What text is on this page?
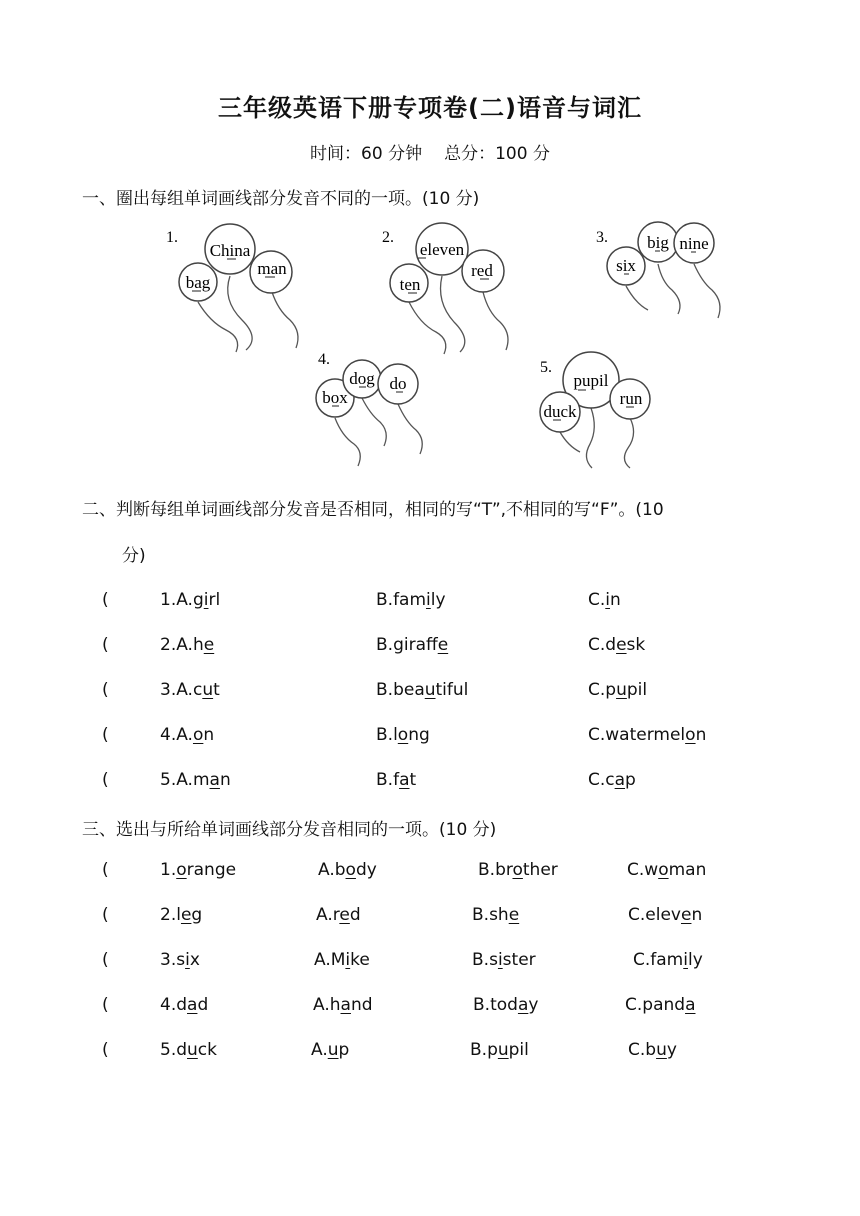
三年级英语下册专项卷(二)语音与词汇
时间：60 分钟 总分：100 分
一、圈出每组单词画线部分发音不同的一项。(10 分)
1.
China
man
bag
2.
eleven
ten
red
3. big nine
six
4.
dog do
box
5.
pupil
duck
run
二、判断每组单词画线部分发音是否相同，相同的写“T”,不相同的写“F”。(10
分)
(	1.A.girl	B.family	C.in
(	2.A.he	B.giraffe	C.desk
(	3.A.cut	B.beautiful	C.pupil
(	4.A.on	B.long	C.watermelon
(	5.A.man	B.fat	C.cap
三、选出与所给单词画线部分发音相同的一项。(10 分)
(	1.orange	A.body	B.brother	C.woman
(	2.leg	A.red	B.she	C.eleven
(	3.six	A.Mike	B.sister	C.family
(	4.dad	A.hand	B.today	C.panda
(	5.duck	A.up	B.pupil	C.buy
